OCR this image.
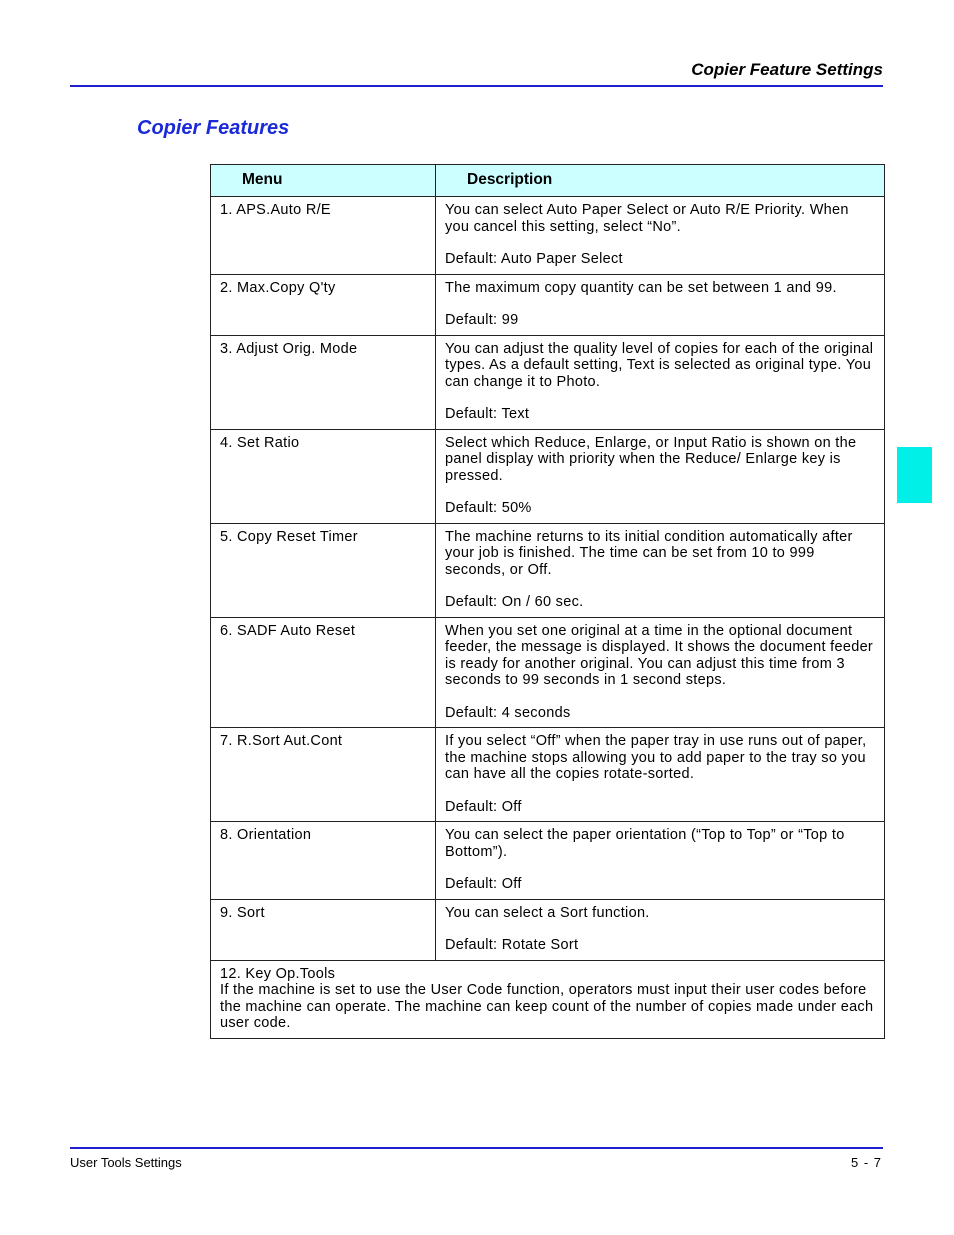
Copier Feature Settings
Copier Features
Menu	Description
1. APS.Auto R/E	You can select Auto Paper Select or Auto R/E Priority. When you cancel this setting, select “No”.
Default: Auto Paper Select

2. Max.Copy Q'ty	The maximum copy quantity can be set between 1 and 99.
Default: 99

3. Adjust Orig. Mode	You can adjust the quality level of copies for each of the original types. As a default setting, Text is selected as original type. You can change it to Photo.
Default: Text

4. Set Ratio	Select which Reduce, Enlarge, or Input Ratio is shown on the panel display with priority when the Reduce/ Enlarge key is pressed.
Default: 50%

5. Copy Reset Timer	The machine returns to its initial condition automatically after your job is finished. The time can be set from 10 to 999 seconds, or Off.
Default: On / 60 sec.

6. SADF Auto Reset	When you set one original at a time in the optional document feeder, the message is displayed. It shows the document feeder is ready for another original. You can adjust this time from 3 seconds to 99 seconds in 1 second steps.
Default: 4 seconds

7. R.Sort Aut.Cont	If you select “Off” when the paper tray in use runs out of paper, the machine stops allowing you to add paper to the tray so you can have all the copies rotate-sorted.
Default: Off

8. Orientation	You can select the paper orientation (“Top to Top” or “Top to Bottom”).
Default: Off

9. Sort	You can select a Sort function.
Default: Rotate Sort

12. Key Op.Tools
If the machine is set to use the User Code function, operators must input their user codes before the machine can operate. The machine can keep count of the number of copies made under each user code.	
User Tools Settings	5 - 7
